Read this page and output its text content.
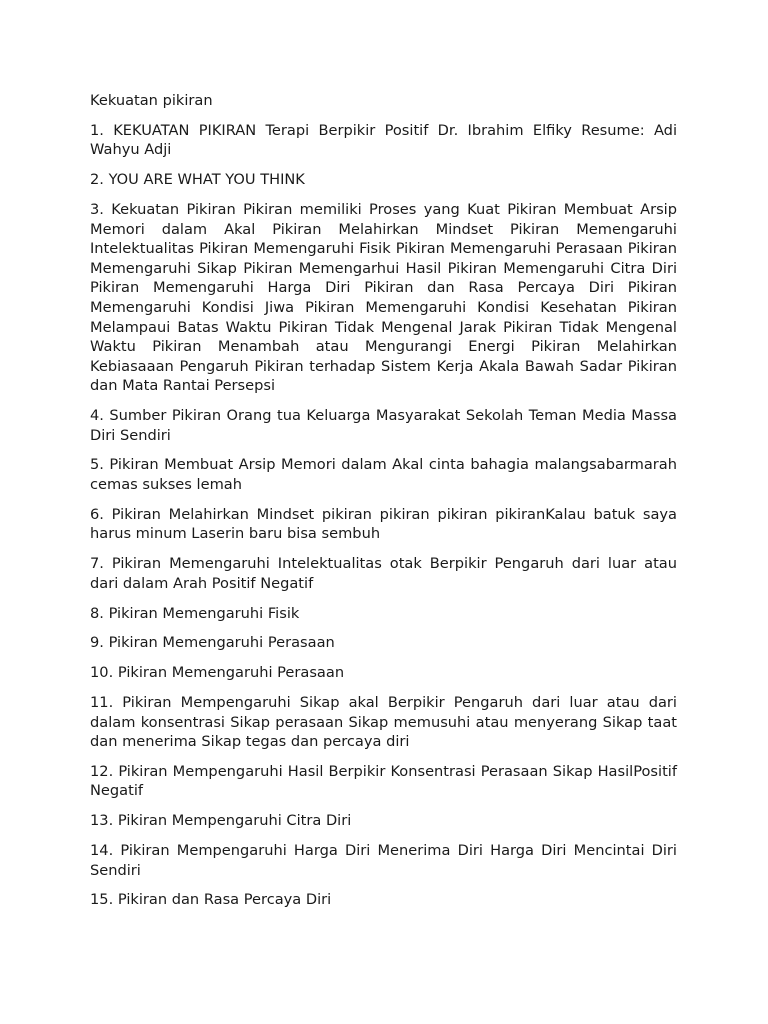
Kekuatan pikiran

1. KEKUATAN PIKIRAN Terapi Berpikir Positif Dr. Ibrahim Elfiky Resume: Adi Wahyu Adji

2. YOU ARE WHAT YOU THINK

3. Kekuatan Pikiran Pikiran memiliki Proses yang Kuat Pikiran Membuat Arsip Memori dalam Akal Pikiran Melahirkan Mindset Pikiran Memengaruhi Intelektualitas Pikiran Memengaruhi Fisik Pikiran Memengaruhi Perasaan Pikiran Memengaruhi Sikap Pikiran Memengarhui Hasil Pikiran Memengaruhi Citra Diri Pikiran Memengaruhi Harga Diri Pikiran dan Rasa Percaya Diri Pikiran Memengaruhi Kondisi Jiwa Pikiran Memengaruhi Kondisi Kesehatan Pikiran Melampaui Batas Waktu Pikiran Tidak Mengenal Jarak Pikiran Tidak Mengenal Waktu Pikiran Menambah atau Mengurangi Energi Pikiran Melahirkan Kebiasaaan Pengaruh Pikiran terhadap Sistem Kerja Akala Bawah Sadar Pikiran dan Mata Rantai Persepsi

4. Sumber Pikiran Orang tua Keluarga Masyarakat Sekolah Teman Media Massa Diri Sendiri

5. Pikiran Membuat Arsip Memori dalam Akal cinta bahagia malangsabarmarah cemas sukses lemah

6. Pikiran Melahirkan Mindset pikiran pikiran pikiran pikiranKalau batuk saya harus minum Laserin baru bisa sembuh

7. Pikiran Memengaruhi Intelektualitas otak Berpikir Pengaruh dari luar atau dari dalam Arah Positif Negatif

8. Pikiran Memengaruhi Fisik

9. Pikiran Memengaruhi Perasaan

10. Pikiran Memengaruhi Perasaan

11. Pikiran Mempengaruhi Sikap akal Berpikir Pengaruh dari luar atau dari dalam konsentrasi Sikap perasaan Sikap memusuhi atau menyerang Sikap taat dan menerima Sikap tegas dan percaya diri

12. Pikiran Mempengaruhi Hasil Berpikir Konsentrasi Perasaan Sikap HasilPositif Negatif

13. Pikiran Mempengaruhi Citra Diri

14. Pikiran Mempengaruhi Harga Diri Menerima Diri Harga Diri Mencintai Diri Sendiri

15. Pikiran dan Rasa Percaya Diri
